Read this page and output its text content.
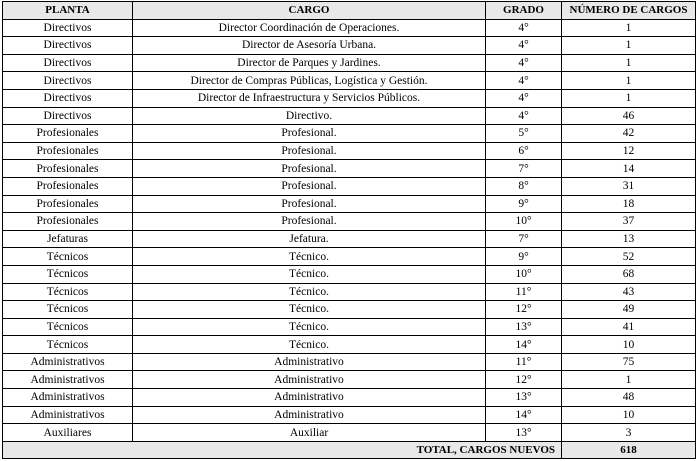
PLANTA	CARGO	GRADO	NÚMERO DE CARGOS
Directivos	Director Coordinación de Operaciones.	4°	1
Directivos	Director de Asesoría Urbana.	4°	1
Directivos	Director de Parques y Jardines.	4°	1
Directivos	Director de Compras Públicas, Logística y Gestión.	4°	1
Directivos	Director de Infraestructura y Servicios Públicos.	4°	1
Directivos	Directivo.	4°	46
Profesionales	Profesional.	5°	42
Profesionales	Profesional.	6°	12
Profesionales	Profesional.	7°	14
Profesionales	Profesional.	8°	31
Profesionales	Profesional.	9°	18
Profesionales	Profesional.	10°	37
Jefaturas	Jefatura.	7°	13
Técnicos	Técnico.	9°	52
Técnicos	Técnico.	10°	68
Técnicos	Técnico.	11°	43
Técnicos	Técnico.	12°	49
Técnicos	Técnico.	13°	41
Técnicos	Técnico.	14°	10
Administrativos	Administrativo	11°	75
Administrativos	Administrativo	12°	1
Administrativos	Administrativo	13°	48
Administrativos	Administrativo	14°	10
Auxiliares	Auxiliar	13°	3
TOTAL, CARGOS NUEVOS			618
